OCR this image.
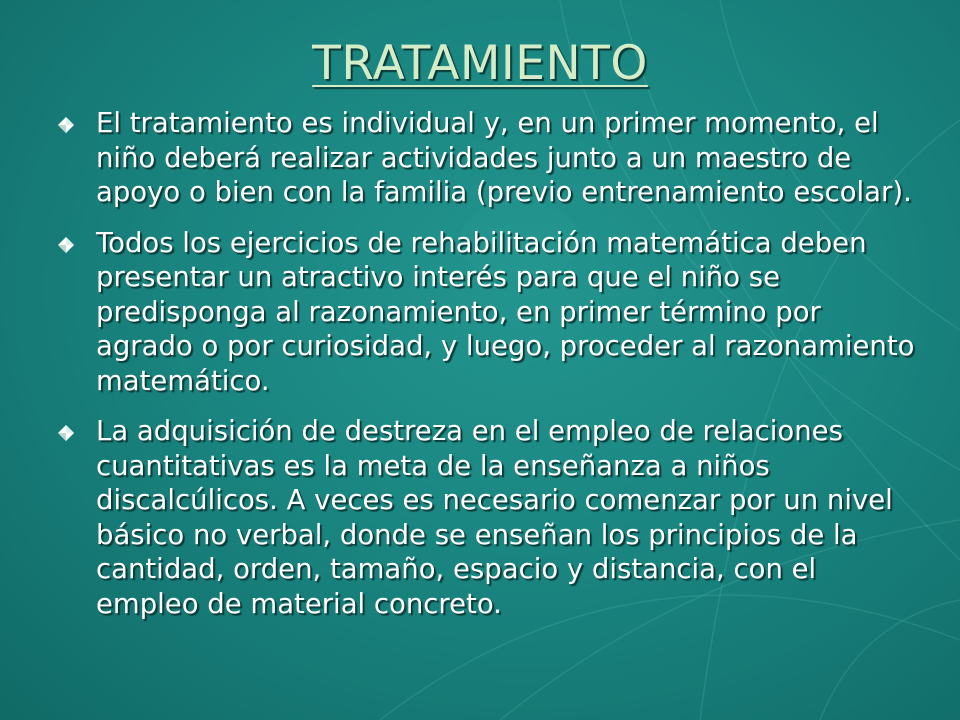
TRATAMIENTO
El tratamiento es individual y, en un primer momento, el niño deberá realizar actividades junto a un maestro de apoyo o bien con la familia (previo entrenamiento escolar).
Todos los ejercicios de rehabilitación matemática deben presentar un atractivo interés para que el niño se predisponga al razonamiento, en primer término por agrado o por curiosidad, y luego, proceder al razonamiento matemático.
La adquisición de destreza en el empleo de relaciones cuantitativas es la meta de la enseñanza a niños discalcúlicos. A veces es necesario comenzar por un nivel básico no verbal, donde se enseñan los principios de la cantidad, orden, tamaño, espacio y distancia, con el empleo de material concreto.
